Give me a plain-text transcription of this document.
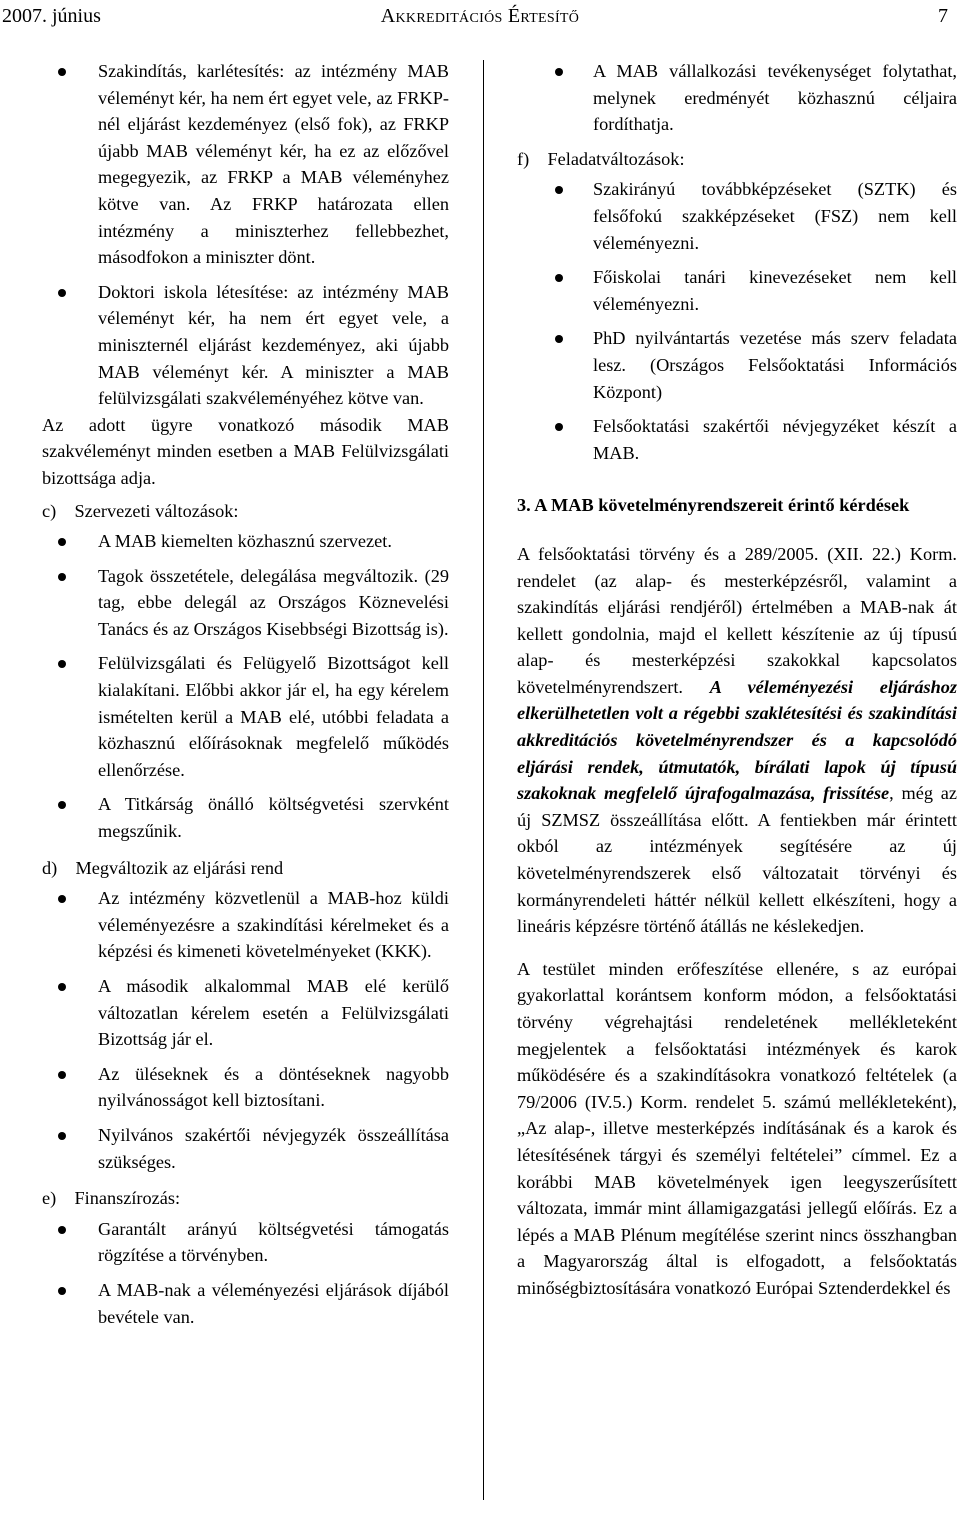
2007. június	Akkreditációs Értesítő	7
Szakindítás, karlétesítés: az intézmény MAB véleményt kér, ha nem ért egyet vele, az FRKP-nél eljárást kezdeményez (első fok), az FRKP újabb MAB véleményt kér, ha ez az előzővel megegyezik, az FRKP a MAB véleményhez kötve van. Az FRKP határozata ellen intézmény a miniszterhez fellebbezhet, másodfokon a miniszter dönt.
Doktori iskola létesítése: az intézmény MAB véleményt kér, ha nem ért egyet vele, a miniszternél eljárást kezdeményez, aki újabb MAB véleményt kér. A miniszter a MAB felülvizsgálati szakvéleményéhez kötve van.

Az adott ügyre vonatkozó második MAB szakvéleményt minden esetben a MAB Felülvizsgálati bizottsága adja.

c) Szervezeti változások:

A MAB kiemelten közhasznú szervezet.
Tagok összetétele, delegálása megváltozik. (29 tag, ebbe delegál az Országos Köznevelési Tanács és az Országos Kisebbségi Bizottság is).
Felülvizsgálati és Felügyelő Bizottságot kell kialakítani. Előbbi akkor jár el, ha egy kérelem ismételten kerül a MAB elé, utóbbi feladata a közhasznú előírásoknak megfelelő működés ellenőrzése.
A Titkárság önálló költségvetési szervként megszűnik.

d) Megváltozik az eljárási rend

Az intézmény közvetlenül a MAB-hoz küldi véleményezésre a szakindítási kérelmeket és a képzési és kimeneti követelményeket (KKK).
A második alkalommal MAB elé kerülő változatlan kérelem esetén a Felülvizsgálati Bizottság jár el.
Az üléseknek és a döntéseknek nagyobb nyilvánosságot kell biztosítani.
Nyilvános szakértői névjegyzék összeállítása szükséges.

e) Finanszírozás:

Garantált arányú költségvetési támogatás rögzítése a törvényben.
A MAB-nak a véleményezési eljárások díjából bevétele van.
A MAB vállalkozási tevékenységet folytathat, melynek eredményét közhasznú céljaira fordíthatja.

f) Feladatváltozások:

Szakirányú továbbképzéseket (SZTK) és felsőfokú szakképzéseket (FSZ) nem kell véleményezni.
Főiskolai tanári kinevezéseket nem kell véleményezni.
PhD nyilvántartás vezetése más szerv feladata lesz. (Országos Felsőoktatási Információs Központ)
Felsőoktatási szakértői névjegyzéket készít a MAB.

3. A MAB követelményrendszereit érintő kérdések

A felsőoktatási törvény és a 289/2005. (XII. 22.) Korm. rendelet (az alap- és mesterképzésről, valamint a szakindítás eljárási rendjéről) értelmében a MAB-nak át kellett gondolnia, majd el kellett készítenie az új típusú alap- és mesterképzési szakokkal kapcsolatos követelményrendszert. A véleményezési eljáráshoz elkerülhetetlen volt a régebbi szaklétesítési és szakindítási akkreditációs követelményrendszer és a kapcsolódó eljárási rendek, útmutatók, bírálati lapok új típusú szakoknak megfelelő újrafogalmazása, frissítése, még az új SZMSZ összeállítása előtt. A fentiekben már érintett okból az intézmények segítésére az új követelményrendszerek első változatait törvényi és kormányrendeleti háttér nélkül kellett elkészíteni, hogy a lineáris képzésre történő átállás ne késlekedjen.

A testület minden erőfeszítése ellenére, s az európai gyakorlattal korántsem konform módon, a felsőoktatási törvény végrehajtási rendeletének mellékleteként megjelentek a felsőoktatási intézmények és karok működésére és a szakindításokra vonatkozó feltételek (a 79/2006 (IV.5.) Korm. rendelet 5. számú mellékleteként), „Az alap-, illetve mesterképzés indításának és a karok és létesítésének tárgyi és személyi feltételei” címmel. Ez a korábbi MAB követelmények igen leegyszerűsített változata, immár mint államigazgatási jellegű előírás. Ez a lépés a MAB Plénum megítélése szerint nincs összhangban a Magyarország által is elfogadott, a felsőoktatás minőségbiztosítására vonatkozó Európai Sztenderdekkel és
